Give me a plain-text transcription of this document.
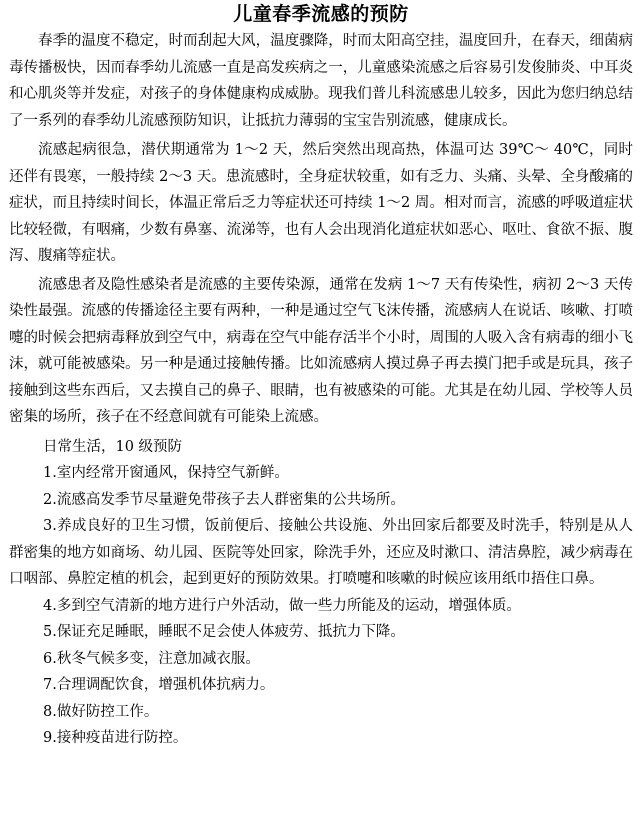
儿童春季流感的预防

春季的温度不稳定，时而刮起大风，温度骤降，时而太阳高空挂，温度回升，在春天，细菌病毒传播极快，因而春季幼儿流感一直是高发疾病之一，儿童感染流感之后容易引发俊肺炎、中耳炎和心肌炎等并发症，对孩子的身体健康构成威胁。现我们普儿科流感患儿较多，因此为您归纳总结了一系列的春季幼儿流感预防知识，让抵抗力薄弱的宝宝告别流感，健康成长。

流感起病很急，潜伏期通常为 1～2 天，然后突然出现高热，体温可达 39℃～ 40℃，同时还伴有畏寒，一般持续 2～3 天。患流感时，全身症状较重，如有乏力、头痛、头晕、全身酸痛的症状，而且持续时间长，体温正常后乏力等症状还可持续 1～2 周。相对而言，流感的呼吸道症状比较轻微，有咽痛，少数有鼻塞、流涕等，也有人会出现消化道症状如恶心、呕吐、食欲不振、腹泻、腹痛等症状。

流感患者及隐性感染者是流感的主要传染源，通常在发病 1～7 天有传染性，病初 2～3 天传染性最强。流感的传播途径主要有两种，一种是通过空气飞沫传播，流感病人在说话、咳嗽、打喷嚏的时候会把病毒释放到空气中，病毒在空气中能存活半个小时，周围的人吸入含有病毒的细小飞沫，就可能被感染。另一种是通过接触传播。比如流感病人摸过鼻子再去摸门把手或是玩具，孩子接触到这些东西后，又去摸自己的鼻子、眼睛，也有被感染的可能。尤其是在幼儿园、学校等人员密集的场所，孩子在不经意间就有可能染上流感。

日常生活，10 级预防

1.室内经常开窗通风，保持空气新鲜。

2.流感高发季节尽量避免带孩子去人群密集的公共场所。

3.养成良好的卫生习惯，饭前便后、接触公共设施、外出回家后都要及时洗手，特别是从人群密集的地方如商场、幼儿园、医院等处回家，除洗手外，还应及时漱口、清洁鼻腔，减少病毒在口咽部、鼻腔定植的机会，起到更好的预防效果。打喷嚏和咳嗽的时候应该用纸巾捂住口鼻。

4.多到空气清新的地方进行户外活动，做一些力所能及的运动，增强体质。

5.保证充足睡眠，睡眠不足会使人体疲劳、抵抗力下降。

6.秋冬气候多变，注意加减衣服。

7.合理调配饮食，增强机体抗病力。

8.做好防控工作。

9.接种疫苗进行防控。
